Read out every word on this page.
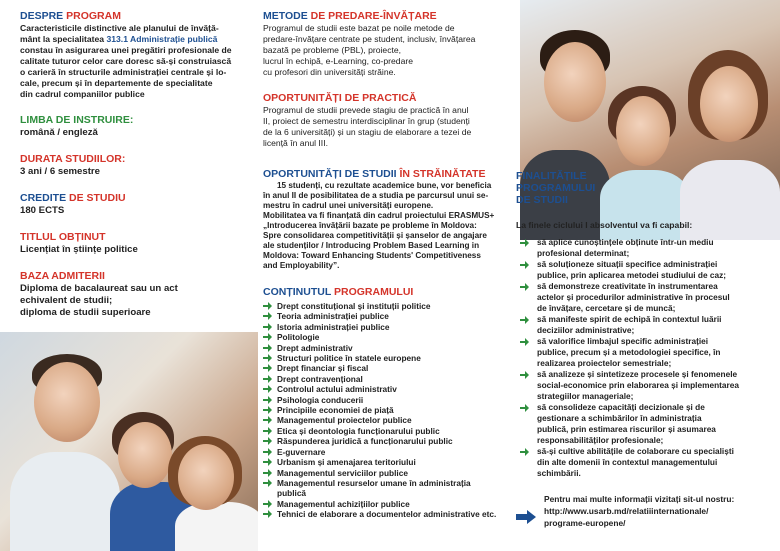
DESPRE PROGRAM

Caracteristicile distinctive ale planului de învăță-
mânt la specialitatea 313.1 Administrație publică
constau în asigurarea unei pregătiri profesionale de
calitate tuturor celor care doresc să-și construiască
o carieră în structurile administrației centrale și lo-
cale, precum și în departemente de specialitate
din cadrul companiilor publice

LIMBA DE INSTRUIRE:

română / engleză

DURATA STUDIILOR:

3 ani / 6 semestre

CREDITE DE STUDIU

180 ECTS

TITLUL OBȚINUT

Licențiat în științe politice

BAZA ADMITERII

Diploma de bacalaureat sau un act
echivalent de studii;
diploma de studii superioare

METODE DE PREDARE-ÎNVĂȚARE

Programul de studii este bazat pe noile metode de
predare-învățare centrate pe student, inclusiv, învățarea
bazată pe probleme (PBL), proiecte,
lucrul în echipă, e-Learning, co-predare
cu profesori din universități străine.

OPORTUNITĂȚI DE PRACTICĂ

Programul de studii prevede stagiu de practică în anul
II, proiect de semestru interdisciplinar în grup (studenți
de la 6 universități) și un stagiu de elaborare a tezei de
licență în anul III.

OPORTUNITĂȚI DE STUDII ÎN STRĂINĂTATE

15 studenți, cu rezultate academice bune, vor beneficia
în anul II de posibilitatea de a studia pe parcursul unui se-
mestru în cadrul unei universități europene.
Mobilitatea va fi finanțată din cadrul proiectului ERASMUS+
„Introducerea învățării bazate pe probleme în Moldova:
Spre consolidarea competitivității și șanselor de angajare
ale studenților / Introducing Problem Based Learning in
Moldova: Toward Enhancing Students' Competitiveness
and Employability”.

CONȚINUTUL PROGRAMULUI

Drept constituțional și instituții politice
Teoria administrației publice
Istoria administrației publice
Politologie
Drept administrativ
Structuri politice în statele europene
Drept financiar și fiscal
Drept contravențional
Controlul actului administrativ
Psihologia conducerii
Principiile economiei de piață
Managementul proiectelor publice
Etica și deontologia funcționarului public
Răspunderea juridică a funcționarului public
E-guvernare
Urbanism și amenajarea teritoriului
Managementul serviciilor publice
Managementul resurselor umane în administrația
publică
Managementul achizițiilor publice
Tehnici de elaborare a documentelor administrative etc.

FINALITĂȚILE

PROGRAMULUI

DE STUDII

La finele ciclului I absolventul va fi capabil:

să aplice cunoștințele obținute într-un mediu
profesional determinat;
să soluționeze situații specifice administrației
publice, prin aplicarea metodei studiului de caz;
să demonstreze creativitate în instrumentarea
actelor și procedurilor administrative în procesul
de învățare, cercetare și de muncă;
să manifeste spirit de echipă în contextul luării
deciziilor administrative;
să valorifice limbajul specific administrației
publice, precum și a metodologiei specifice, în
realizarea proiectelor semestriale;
să analizeze și sintetizeze procesele și fenomenele
social-economice prin elaborarea și implementarea
strategiilor manageriale;
să consolideze capacități decizionale și de
gestionare a schimbărilor în administrația
publică, prin estimarea riscurilor și asumarea
responsabilităților profesionale;
să-și cultive abilitățile de colaborare cu specialiști
din alte domenii în contextul managementului
schimbării.

Pentru mai multe informații vizitați sit-ul nostru:

http://www.usarb.md/relatiiinternationale/
programe-europene/
